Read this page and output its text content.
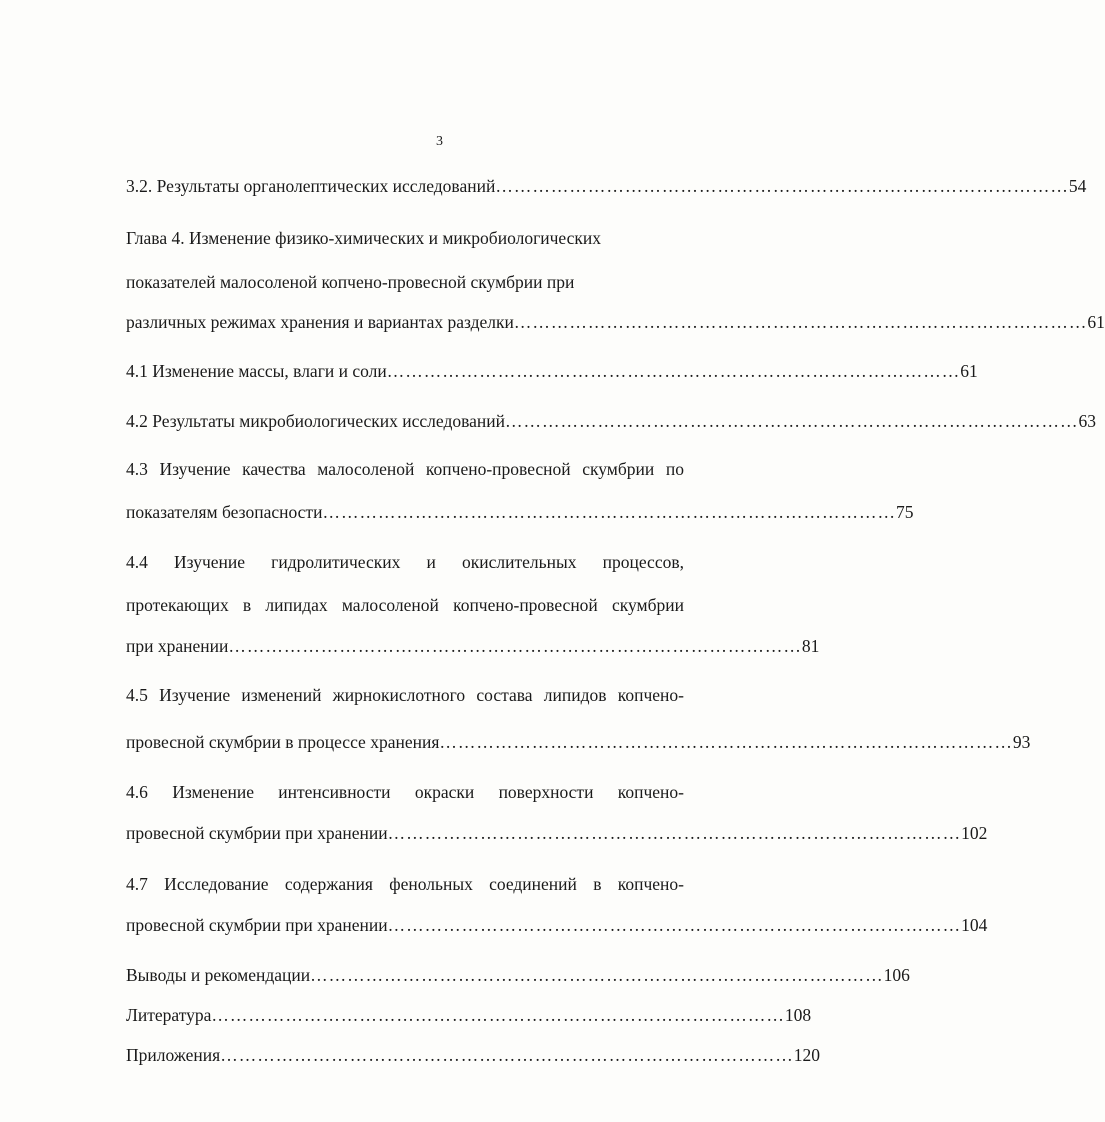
3
3.2. Результаты органолептических исследований ………………………………………………………………………………… 54
Глава 4. Изменение физико-химических и микробиологических
показателей малосоленой копчено-провесной скумбрии при
различных режимах хранения и вариантах разделки ………………………………………………………………………………… 61
4.1 Изменение массы, влаги и соли ………………………………………………………………………………… 61
4.2 Результаты микробиологических исследований ………………………………………………………………………………… 63
4.3 Изучение качества малосоленой копчено-провесной скумбрии по
показателям безопасности ………………………………………………………………………………… 75
4.4 Изучение гидролитических и окислительных процессов,
протекающих в липидах малосоленой копчено-провесной скумбрии
при хранении ………………………………………………………………………………… 81
4.5 Изучение изменений жирнокислотного состава липидов копчено-
провесной скумбрии в процессе хранения ………………………………………………………………………………… 93
4.6 Изменение интенсивности окраски поверхности копчено-
провесной скумбрии при хранении ………………………………………………………………………………… 102
4.7 Исследование содержания фенольных соединений в копчено-
провесной скумбрии при хранении ………………………………………………………………………………… 104
Выводы и рекомендации ………………………………………………………………………………… 106
Литература ………………………………………………………………………………… 108
Приложения ………………………………………………………………………………… 120
